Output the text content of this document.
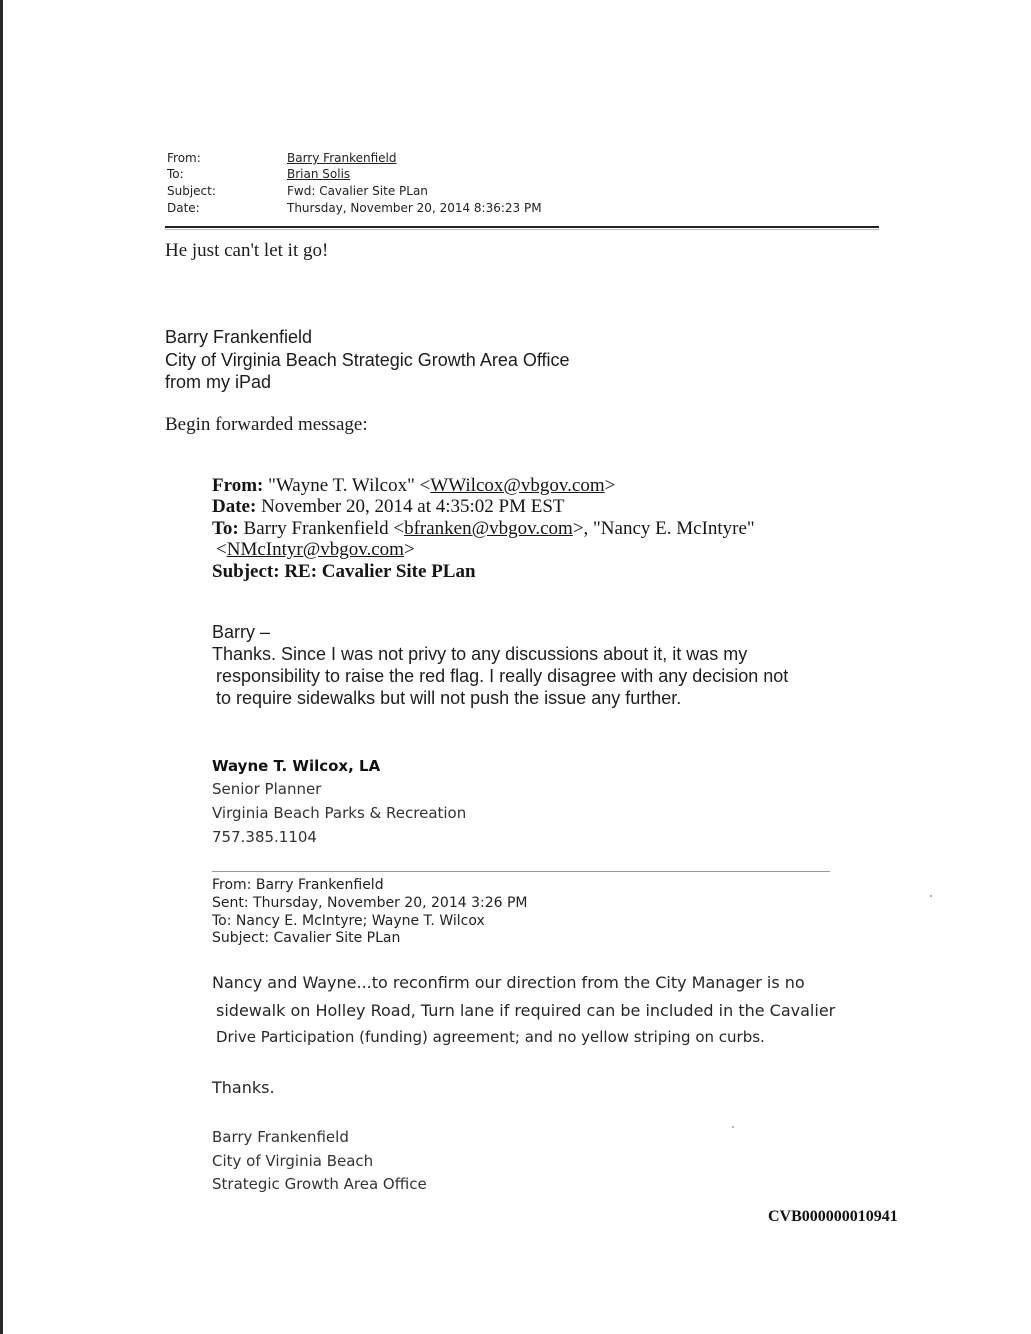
From:	Barry Frankenfield
To:	Brian Solis
Subject:	Fwd: Cavalier Site PLan
Date:	Thursday, November 20, 2014 8:36:23 PM
He just can't let it go!
Barry Frankenfield
City of Virginia Beach Strategic Growth Area Office
from my iPad
Begin forwarded message:
From: "Wayne T. Wilcox" <WWilcox@vbgov.com>
Date: November 20, 2014 at 4:35:02 PM EST
To: Barry Frankenfield <bfranken@vbgov.com>, "Nancy E. McIntyre"
<NMcIntyr@vbgov.com>
Subject: RE: Cavalier Site PLan
Barry –
Thanks. Since I was not privy to any discussions about it, it was my
responsibility to raise the red flag. I really disagree with any decision not
to require sidewalks but will not push the issue any further.
Wayne T. Wilcox, LA
Senior Planner
Virginia Beach Parks & Recreation
757.385.1104
From: Barry Frankenfield
Sent: Thursday, November 20, 2014 3:26 PM
To: Nancy E. McIntyre; Wayne T. Wilcox
Subject: Cavalier Site PLan
Nancy and Wayne...to reconfirm our direction from the City Manager is no
sidewalk on Holley Road, Turn lane if required can be included in the Cavalier
Drive Participation (funding) agreement; and no yellow striping on curbs.
Thanks.
Barry Frankenfield
City of Virginia Beach
Strategic Growth Area Office
CVB000000010941
